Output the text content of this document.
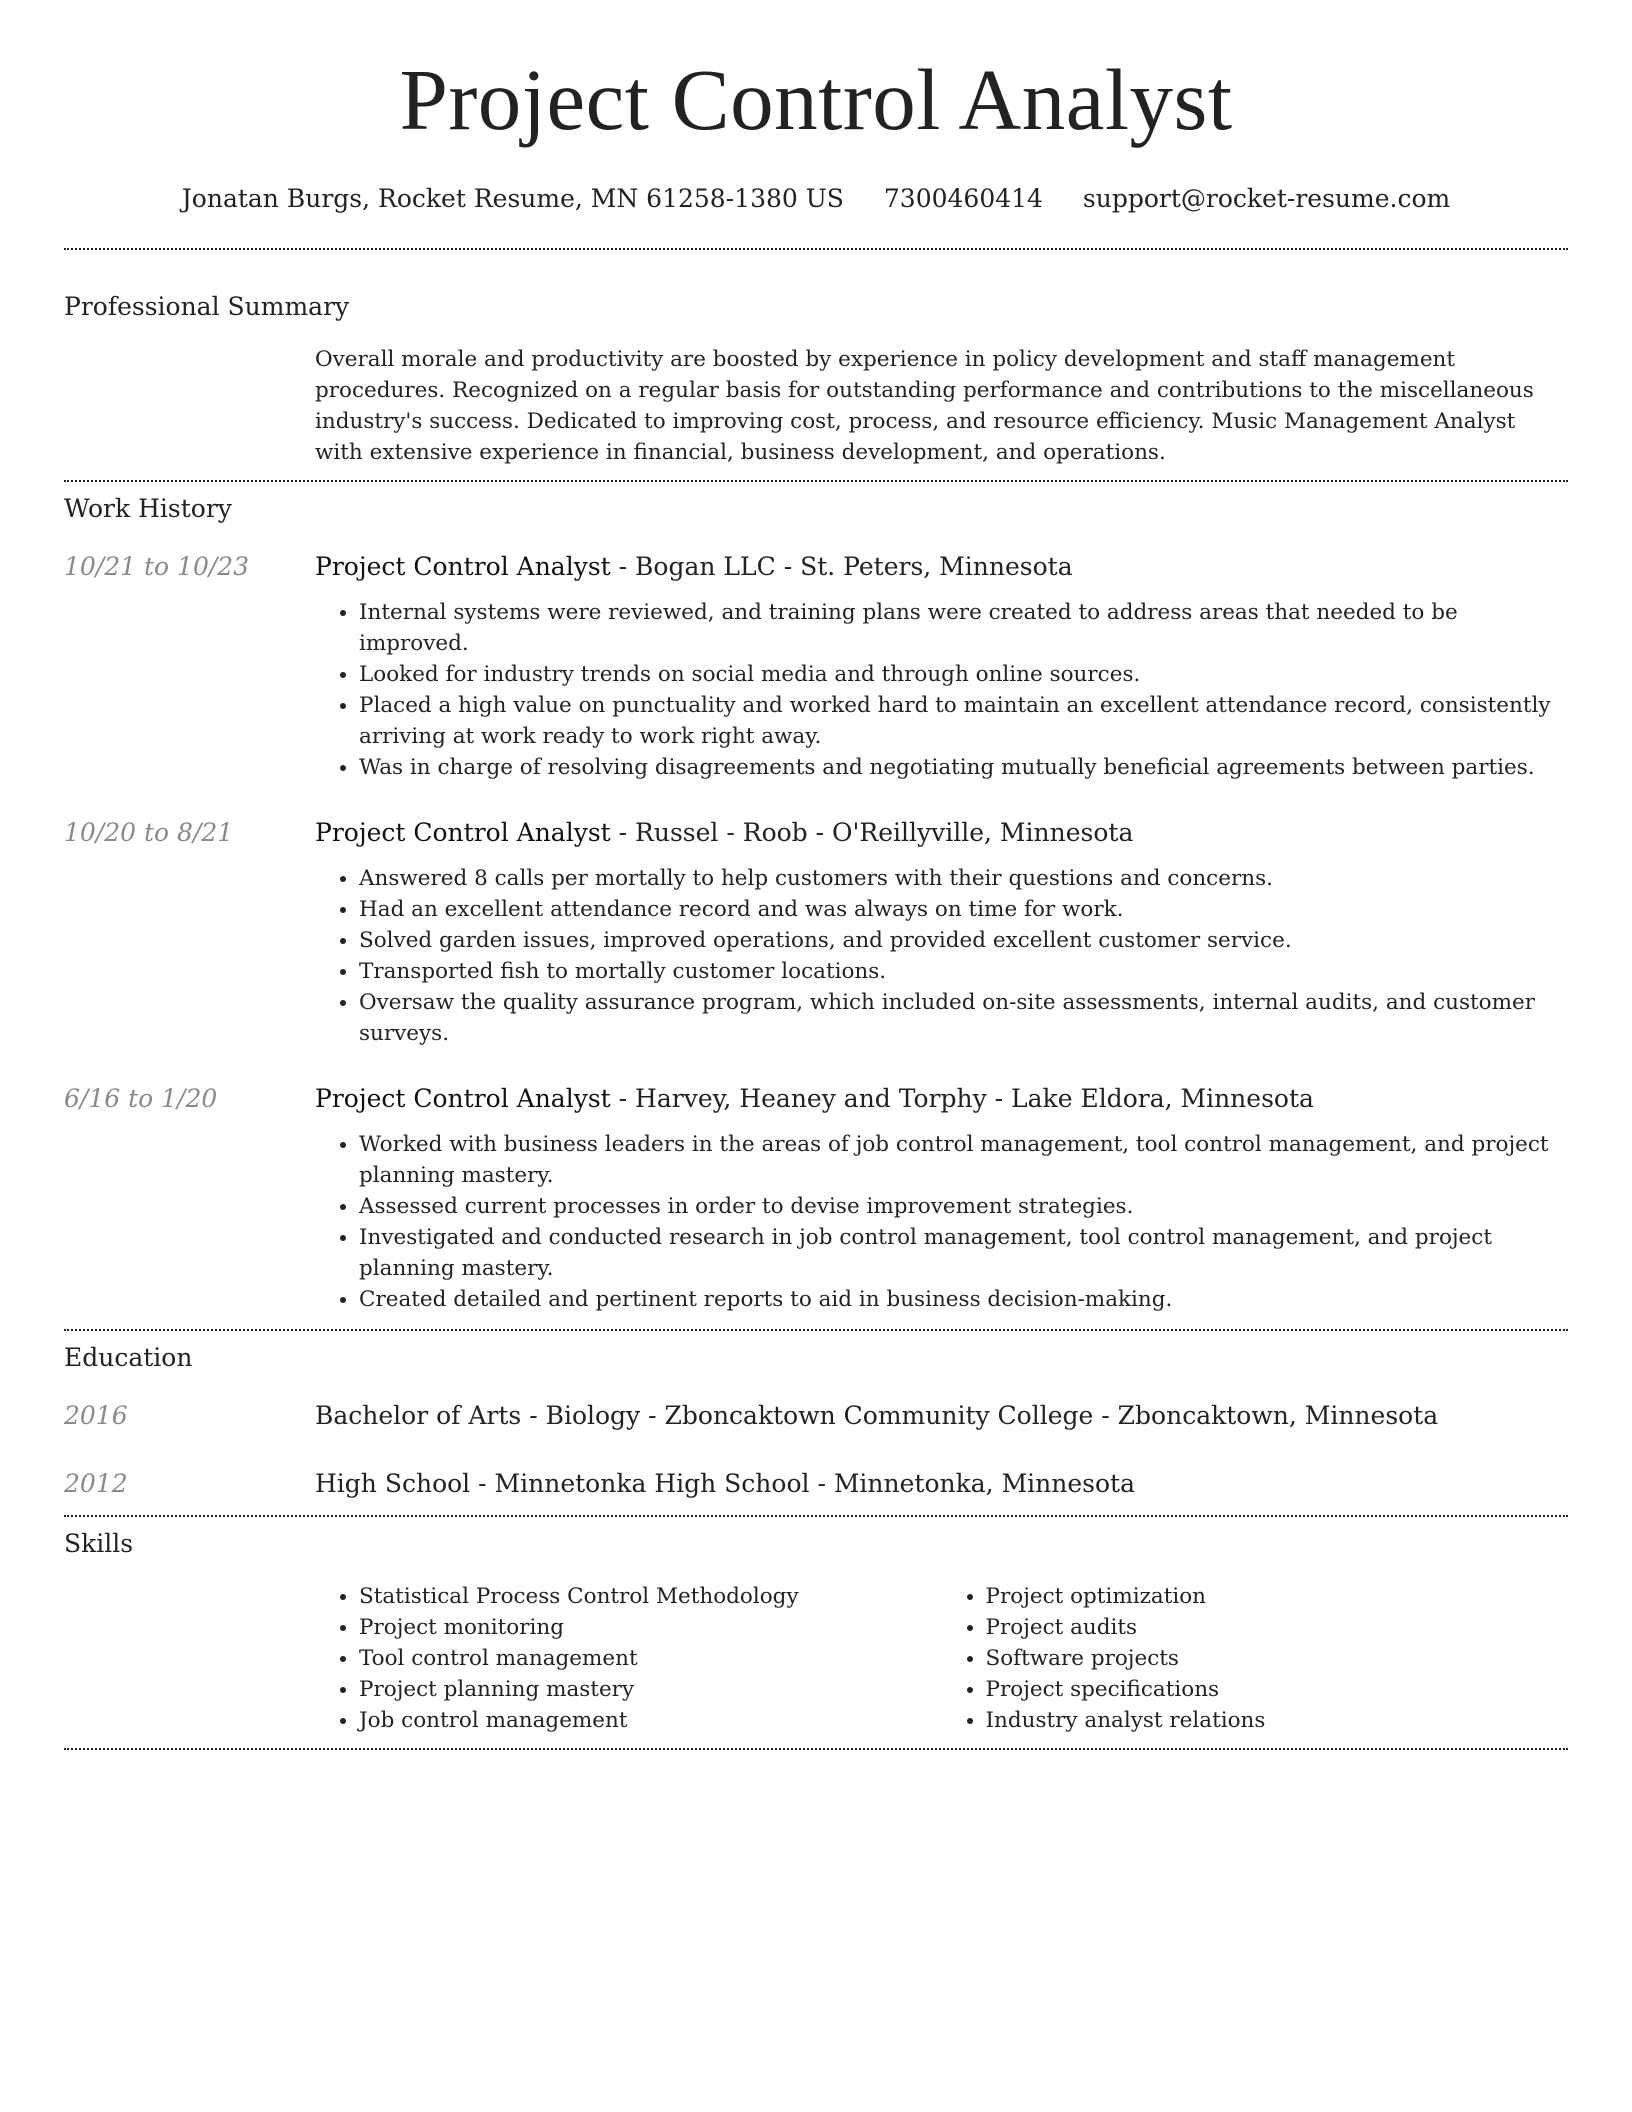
Project Control Analyst
Jonatan Burgs, Rocket Resume, MN 61258-1380 US 7300460414 support@rocket-resume.com
Professional Summary
Overall morale and productivity are boosted by experience in policy development and staff management procedures. Recognized on a regular basis for outstanding performance and contributions to the miscellaneous industry's success. Dedicated to improving cost, process, and resource efficiency. Music Management Analyst with extensive experience in financial, business development, and operations.
Work History
10/21 to 10/23	Project Control Analyst - Bogan LLC - St. Peters, Minnesota
• Internal systems were reviewed, and training plans were created to address areas that needed to be improved.
• Looked for industry trends on social media and through online sources.
• Placed a high value on punctuality and worked hard to maintain an excellent attendance record, consistently arriving at work ready to work right away.
• Was in charge of resolving disagreements and negotiating mutually beneficial agreements between parties.
10/20 to 8/21	Project Control Analyst - Russel - Roob - O'Reillyville, Minnesota
• Answered 8 calls per mortally to help customers with their questions and concerns.
• Had an excellent attendance record and was always on time for work.
• Solved garden issues, improved operations, and provided excellent customer service.
• Transported fish to mortally customer locations.
• Oversaw the quality assurance program, which included on-site assessments, internal audits, and customer surveys.
6/16 to 1/20	Project Control Analyst - Harvey, Heaney and Torphy - Lake Eldora, Minnesota
• Worked with business leaders in the areas of job control management, tool control management, and project planning mastery.
• Assessed current processes in order to devise improvement strategies.
• Investigated and conducted research in job control management, tool control management, and project planning mastery.
• Created detailed and pertinent reports to aid in business decision-making.
Education
2016	Bachelor of Arts - Biology - Zboncaktown Community College - Zboncaktown, Minnesota
2012	High School - Minnetonka High School - Minnetonka, Minnesota
Skills
• Statistical Process Control Methodology
• Project monitoring
• Tool control management
• Project planning mastery
• Job control management
• Project optimization
• Project audits
• Software projects
• Project specifications
• Industry analyst relations
